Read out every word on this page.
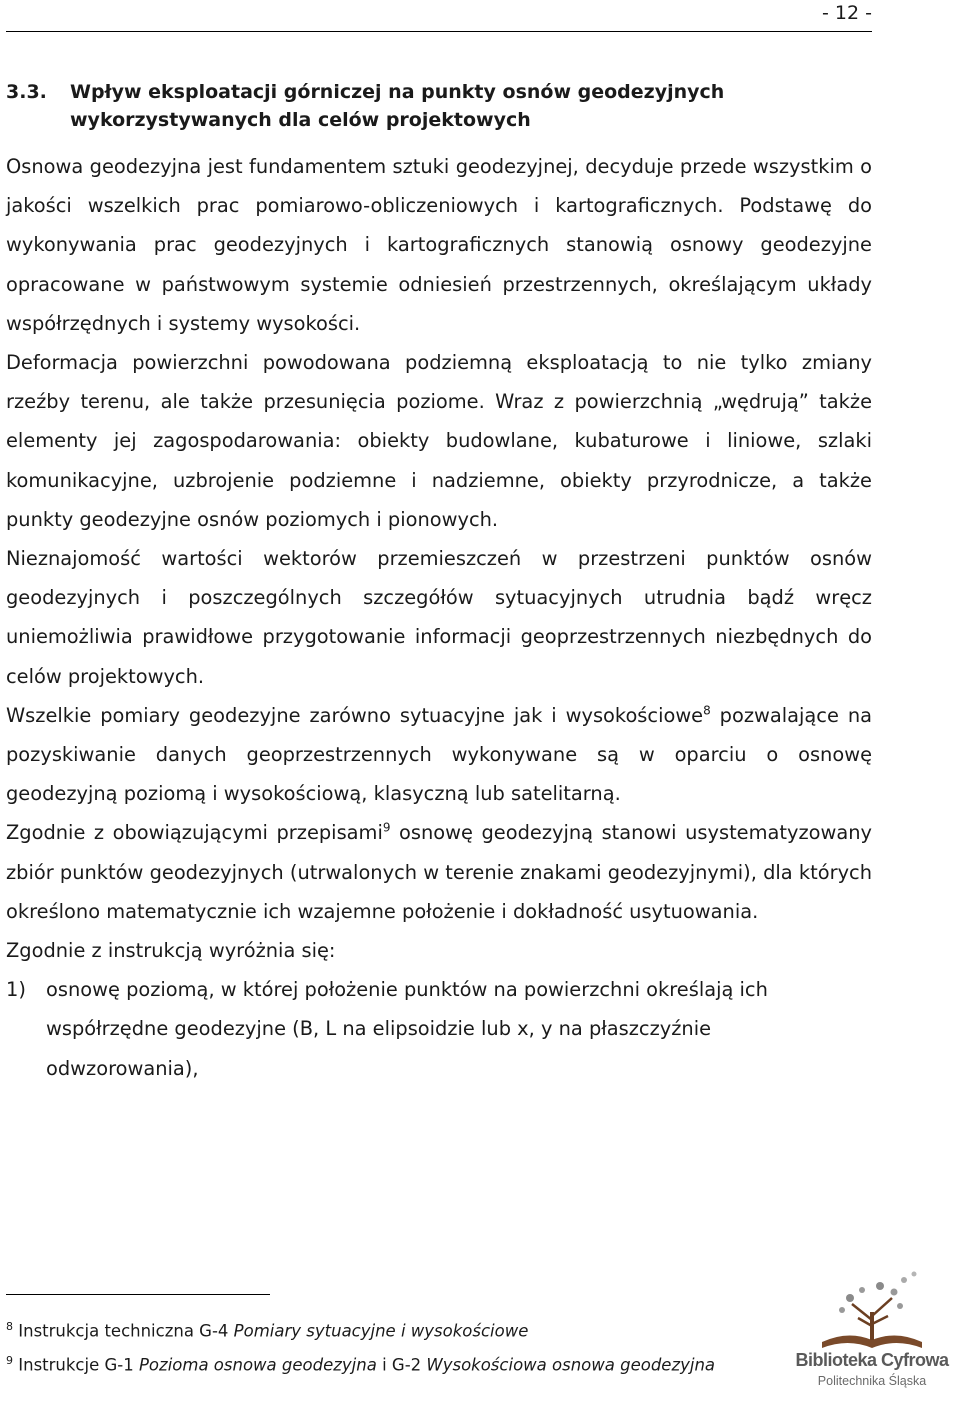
- 12 -
3.3.	Wpływ eksploatacji górniczej na punkty osnów geodezyjnych wykorzystywanych dla celów projektowych

Osnowa geodezyjna jest fundamentem sztuki geodezyjnej, decyduje przede wszystkim o jakości wszelkich prac pomiarowo-obliczeniowych i kartograficznych. Podstawę do wykonywania prac geodezyjnych i kartograficznych stanowią osnowy geodezyjne opracowane w państwowym systemie odniesień przestrzennych, określającym układy współrzędnych i systemy wysokości.

Deformacja powierzchni powodowana podziemną eksploatacją to nie tylko zmiany rzeźby terenu, ale także przesunięcia poziome. Wraz z powierzchnią „wędrują” także elementy jej zagospodarowania: obiekty budowlane, kubaturowe i liniowe, szlaki komunikacyjne, uzbrojenie podziemne i nadziemne, obiekty przyrodnicze, a także punkty geodezyjne osnów poziomych i pionowych.

Nieznajomość wartości wektorów przemieszczeń w przestrzeni punktów osnów geodezyjnych i poszczególnych szczegółów sytuacyjnych utrudnia bądź wręcz uniemożliwia prawidłowe przygotowanie informacji geoprzestrzennych niezbędnych do celów projektowych.

Wszelkie pomiary geodezyjne zarówno sytuacyjne jak i wysokościowe$^8$ pozwalające na pozyskiwanie danych geoprzestrzennych wykonywane są w oparciu o osnowę geodezyjną poziomą i wysokościową, klasyczną lub satelitarną.

Zgodnie z obowiązującymi przepisami$^9$ osnowę geodezyjną stanowi usystematyzowany zbiór punktów geodezyjnych (utrwalonych w terenie znakami geodezyjnymi), dla których określono matematycznie ich wzajemne położenie i dokładność usytuowania.

Zgodnie z instrukcją wyróżnia się:

1)	osnowę poziomą, w której położenie punktów na powierzchni określają ich współrzędne geodezyjne (B, L na elipsoidzie lub x, y na płaszczyźnie odwzorowania),
$^8$ Instrukcja techniczna G-4 Pomiary sytuacyjne i wysokościowe
$^9$ Instrukcje G-1 Pozioma osnowa geodezyjna i G-2 Wysokościowa osnowa geodezyjna	Biblioteka Cyfrowa
Politechnika Śląska
